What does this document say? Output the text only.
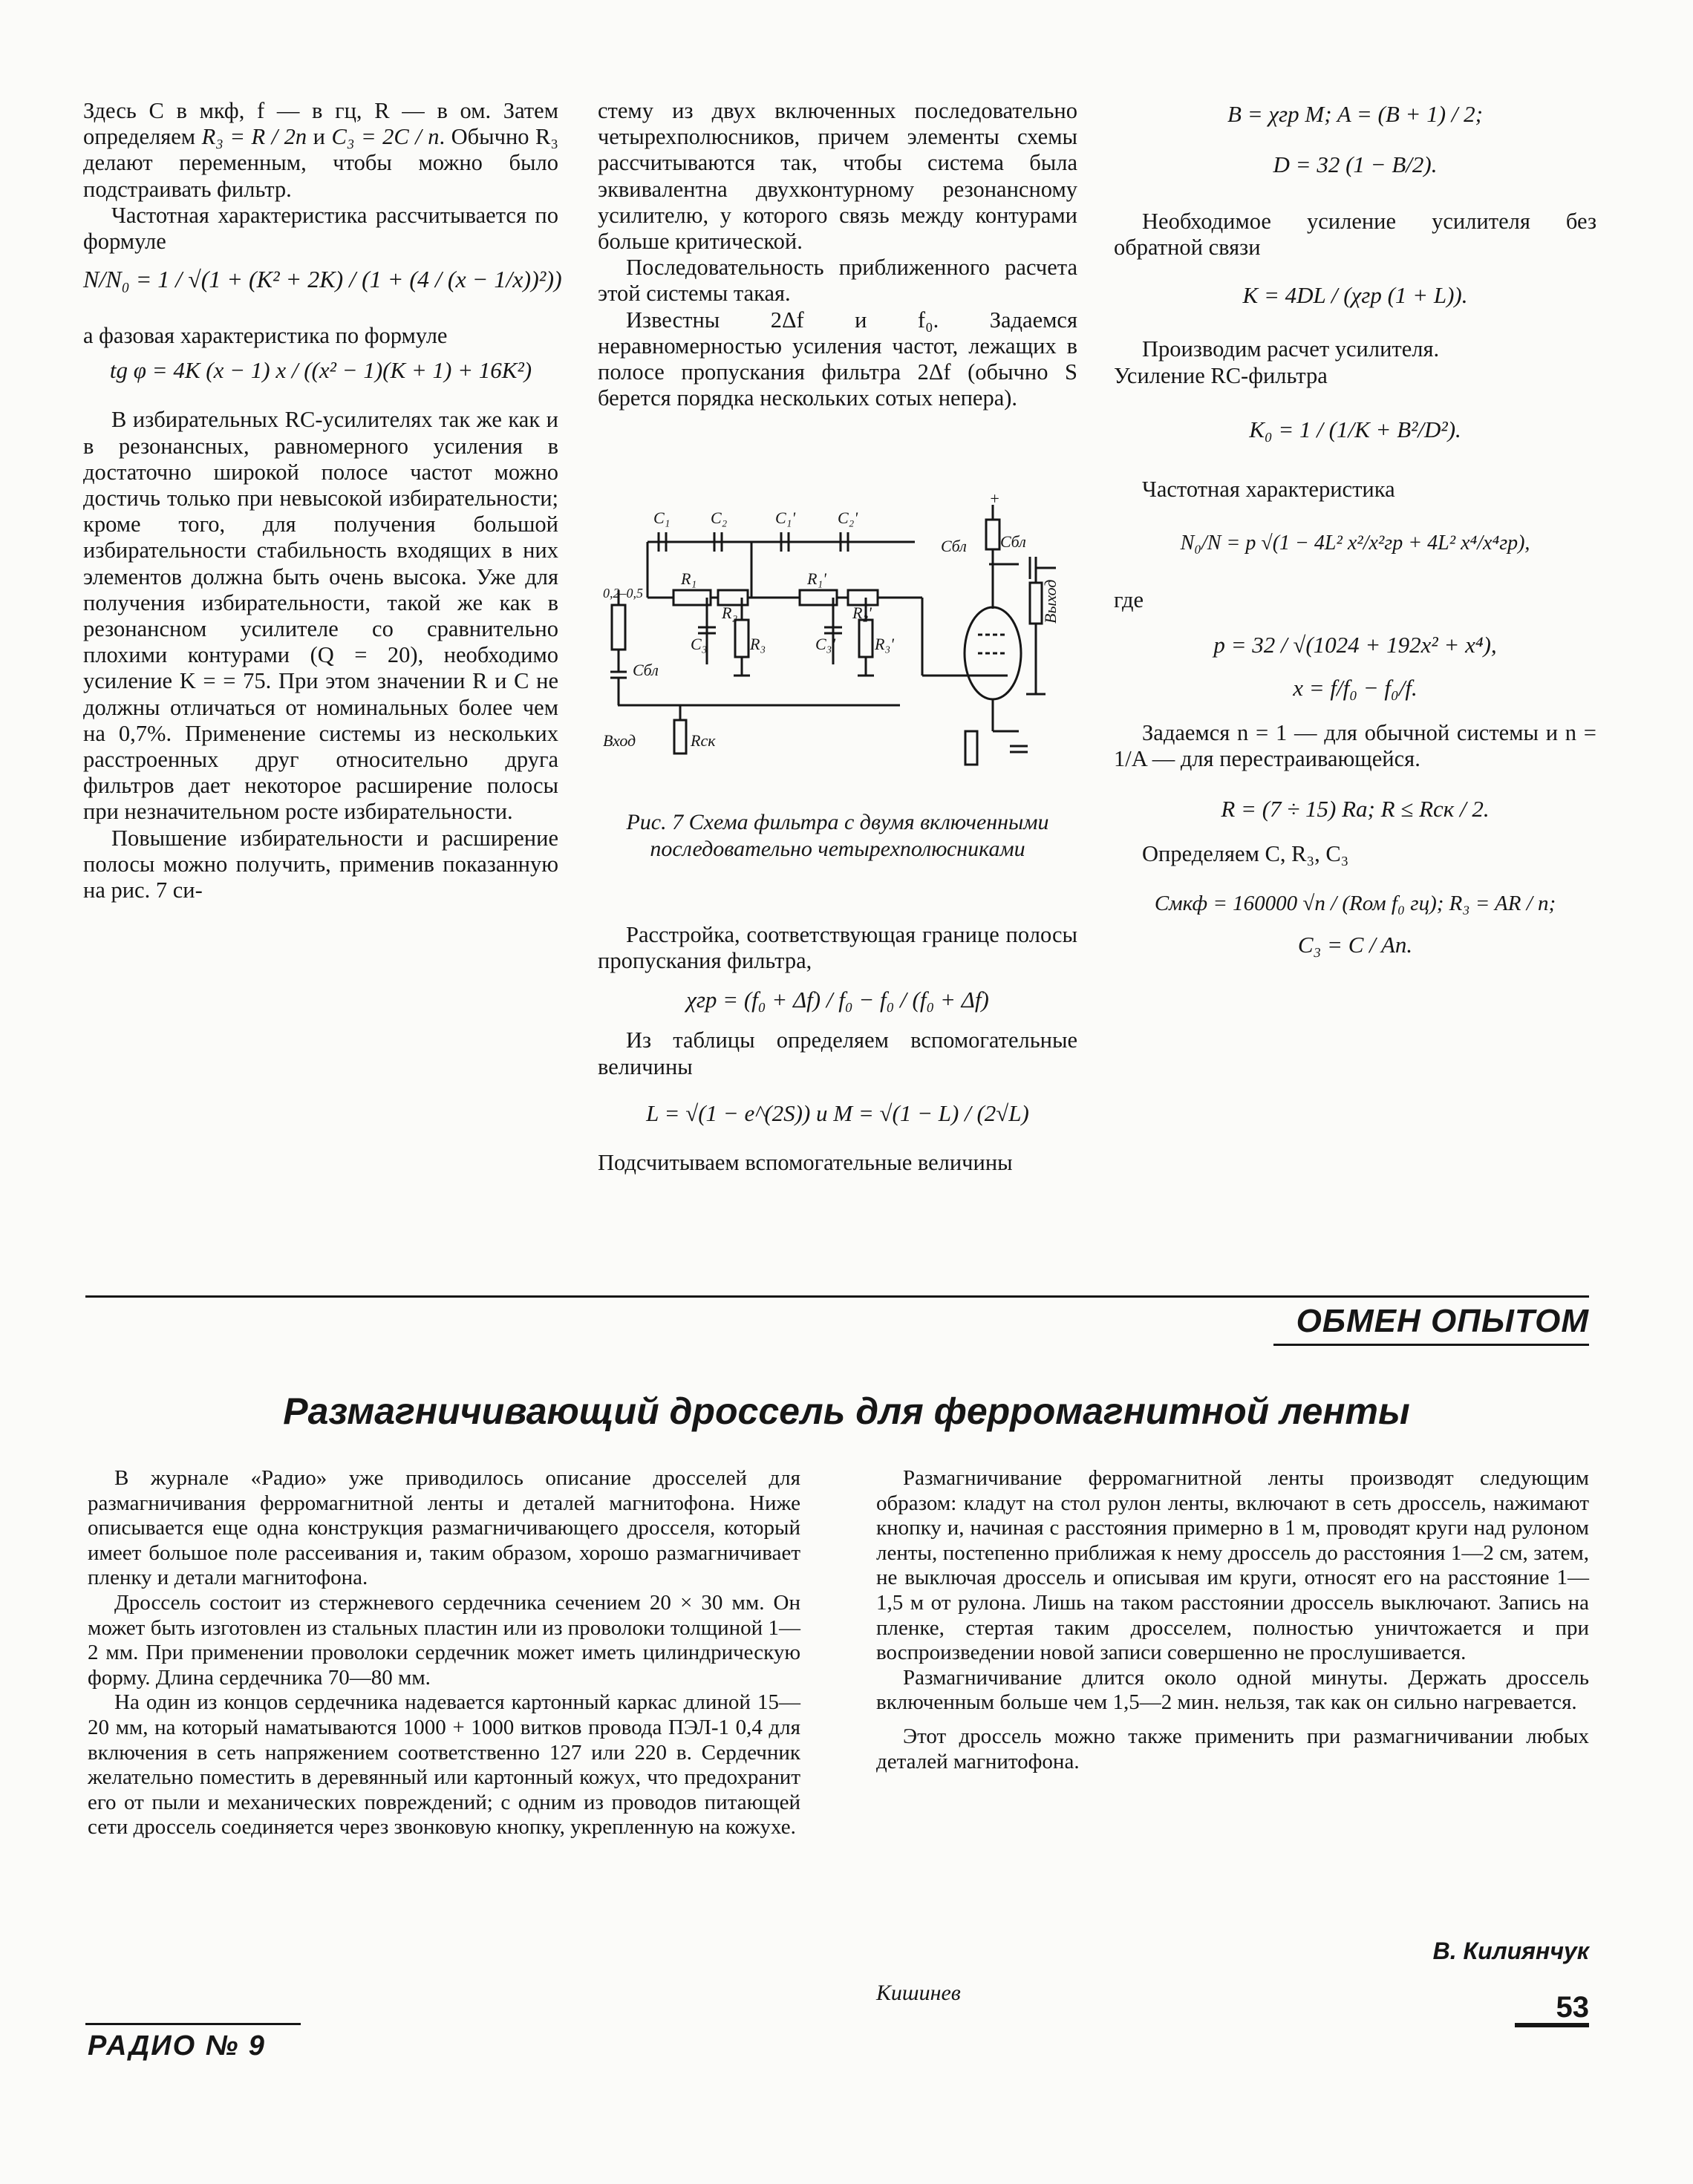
Здесь C в мкф, f — в гц, R — в ом. Затем определяем R₃ = R / 2n и C₃ = 2C / n. Обычно R₃ делают переменным, чтобы можно было подстраивать фильтр.

Частотная характеристика рассчитывается по формуле

N/N₀ = 1 / √(1 + (K² + 2K) / (1 + (4 / (x − 1/x))²))

а фазовая характеристика по формуле

tg φ = 4K (x − 1) x / ((x² − 1)(K + 1) + 16K²)

В избирательных RC-усилителях так же как и в резонансных, равномерного усиления в достаточно широкой полосе частот можно достичь только при невысокой избирательности; кроме того, для получения большой избирательности стабильность входящих в них элементов должна быть очень высока. Уже для получения избирательности, такой же как в резонансном усилителе со сравнительно плохими контурами (Q = 20), необходимо усиление K = = 75. При этом значении R и C не должны отличаться от номинальных более чем на 0,7%. Применение системы из нескольких расстроенных друг относительно друга фильтров дает некоторое расширение полосы при незначительном росте избирательности.

Повышение избирательности и расширение полосы можно получить, применив показанную на рис. 7 си-

стему из двух включенных последовательно четырехполюсников, причем элементы схемы рассчитываются так, чтобы система была эквивалентна двухконтурному резонансному усилителю, у которого связь между контурами больше критической.

Последовательность приближенного расчета этой системы такая.

Известны 2Δf и f₀. Задаемся неравномерностью усиления частот, лежащих в полосе пропускания фильтра 2Δf (обычно S берется порядка нескольких сотых непера).

C₁ C₂	C₁'	C₂'
R₁
R₂
R₁'
R₂'
C₃	R₃	C₃' R₃'
Cбл
Cбл Cбл
Rск
0,2–0,5
Вход
+
Выход
Рис. 7 Схема фильтра с двумя включенными последовательно четырехполюсниками

Расстройка, соответствующая границе полосы пропускания фильтра,

χгр = (f₀ + Δf) / f₀ − f₀ / (f₀ + Δf)

Из таблицы определяем вспомогательные величины

L = √(1 − e^(2S)) и M = √(1 − L) / (2√L)

Подсчитываем вспомогательные величины

B = χгр M; A = (B + 1) / 2;
D = 32 (1 − B/2).

Необходимое усиление усилителя без обратной связи

K = 4DL / (χгр (1 + L)).

Производим расчет усилителя.

Усиление RC-фильтра

K₀ = 1 / (1/K + B²/D²).

Частотная характеристика

N₀/N = p √(1 − 4L² x²/x²гр + 4L² x⁴/x⁴гр),

где

p = 32 / √(1024 + 192x² + x⁴),
x = f/f₀ − f₀/f.

Задаемся n = 1 — для обычной системы и n = 1/A — для перестраивающейся.

R = (7 ÷ 15) Rа; R ≤ Rск / 2.

Определяем C, R₃, C₃

Cмкф = 160000 √n / (Rом f₀ гц); R₃ = AR / n;
C₃ = C / An.
ОБМЕН ОПЫТОМ
Размагничивающий дроссель для ферромагнитной ленты

В журнале «Радио» уже приводилось описание дросселей для размагничивания ферромагнитной ленты и деталей магнитофона. Ниже описывается еще одна конструкция размагничивающего дросселя, который имеет большое поле рассеивания и, таким образом, хорошо размагничивает пленку и детали магнитофона.

Дроссель состоит из стержневого сердечника сечением 20 × 30 мм. Он может быть изготовлен из стальных пластин или из проволоки толщиной 1—2 мм. При применении проволоки сердечник может иметь цилиндрическую форму. Длина сердечника 70—80 мм.

На один из концов сердечника надевается картонный каркас длиной 15—20 мм, на который наматываются 1000 + 1000 витков провода ПЭЛ-1 0,4 для включения в сеть напряжением соответственно 127 или 220 в. Сердечник желательно поместить в деревянный или картонный кожух, что предохранит его от пыли и механических повреждений; с одним из проводов питающей сети дроссель соединяется через звонковую кнопку, укрепленную на кожухе.

Размагничивание ферромагнитной ленты производят следующим образом: кладут на стол рулон ленты, включают в сеть дроссель, нажимают кнопку и, начиная с расстояния примерно в 1 м, проводят круги над рулоном ленты, постепенно приближая к нему дроссель до расстояния 1—2 см, затем, не выключая дроссель и описывая им круги, относят его на расстояние 1—1,5 м от рулона. Лишь на таком расстоянии дроссель выключают. Запись на пленке, стертая таким дросселем, полностью уничтожается и при воспроизведении новой записи совершенно не прослушивается.

Размагничивание длится около одной минуты. Держать дроссель включенным больше чем 1,5—2 мин. нельзя, так как он сильно нагревается.

Этот дроссель можно также применить при размагничивании любых деталей магнитофона.

В. Килиянчук
Кишинев
РАДИО № 9
53
